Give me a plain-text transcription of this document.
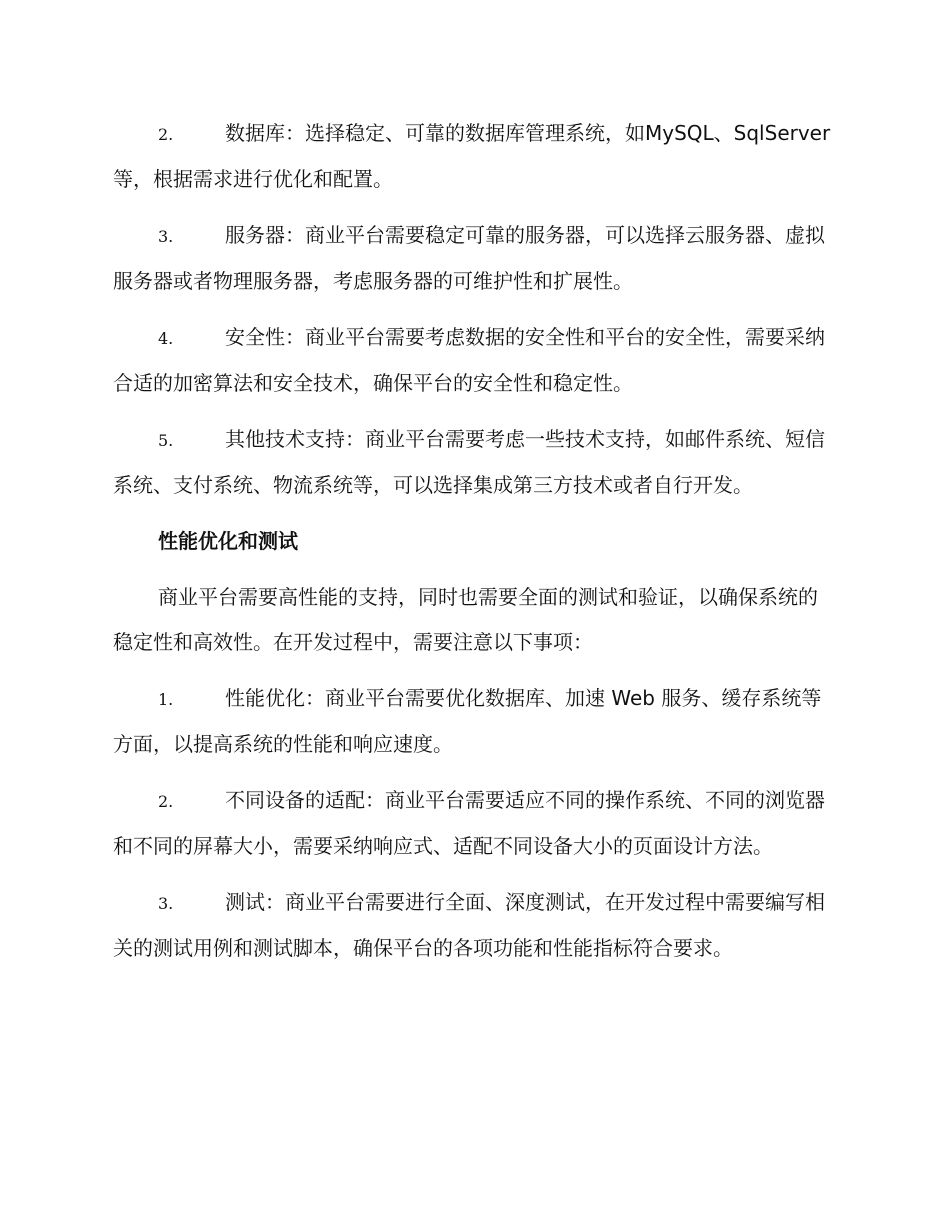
2.	数据库：选择稳定、可靠的数据库管理系统，如MySQL、SqlServer 等，根据需求进行优化和配置。
3.	服务器：商业平台需要稳定可靠的服务器，可以选择云服务器、虚拟服务器或者物理服务器，考虑服务器的可维护性和扩展性。
4.	安全性：商业平台需要考虑数据的安全性和平台的安全性，需要采纳合适的加密算法和安全技术，确保平台的安全性和稳定性。
5.	其他技术支持：商业平台需要考虑一些技术支持，如邮件系统、短信系统、支付系统、物流系统等，可以选择集成第三方技术或者自行开发。
性能优化和测试
商业平台需要高性能的支持，同时也需要全面的测试和验证，以确保系统的稳定性和高效性。在开发过程中，需要注意以下事项：
1.	性能优化：商业平台需要优化数据库、加速 Web 服务、缓存系统等方面，以提高系统的性能和响应速度。
2.	不同设备的适配：商业平台需要适应不同的操作系统、不同的浏览器和不同的屏幕大小，需要采纳响应式、适配不同设备大小的页面设计方法。
3.	测试：商业平台需要进行全面、深度测试，在开发过程中需要编写相关的测试用例和测试脚本，确保平台的各项功能和性能指标符合要求。
